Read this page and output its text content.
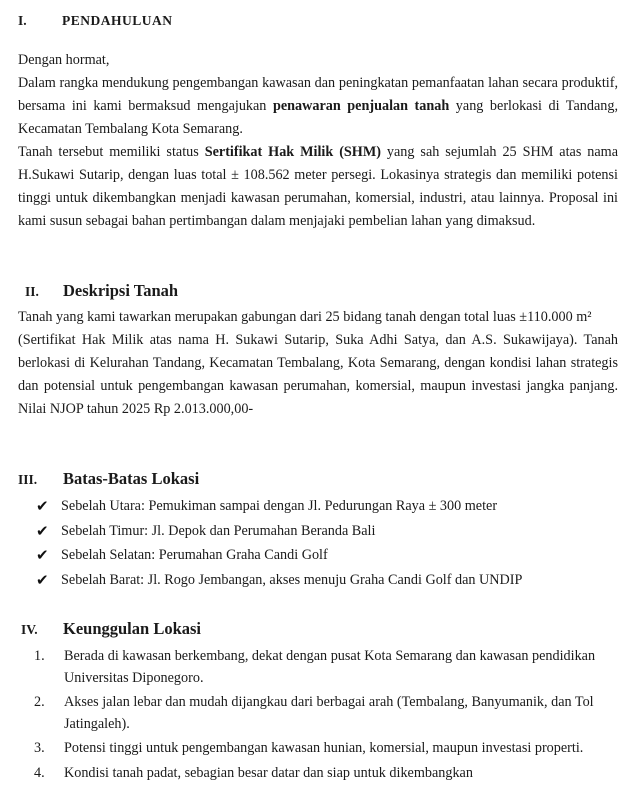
I.	PENDAHULUAN

Dengan hormat,

Dalam rangka mendukung pengembangan kawasan dan peningkatan pemanfaatan lahan secara produktif, bersama ini kami bermaksud mengajukan penawaran penjualan tanah yang berlokasi di Tandang, Kecamatan Tembalang Kota Semarang.

Tanah tersebut memiliki status Sertifikat Hak Milik (SHM) yang sah sejumlah 25 SHM atas nama H.Sukawi Sutarip, dengan luas total ± 108.562 meter persegi. Lokasinya strategis dan memiliki potensi tinggi untuk dikembangkan menjadi kawasan perumahan, komersial, industri, atau lainnya. Proposal ini kami susun sebagai bahan pertimbangan dalam menjajaki pembelian lahan yang dimaksud.

II. Deskripsi Tanah

Tanah yang kami tawarkan merupakan gabungan dari 25 bidang tanah dengan total luas ±110.000 m²

(Sertifikat Hak Milik atas nama H. Sukawi Sutarip, Suka Adhi Satya, dan A.S. Sukawijaya). Tanah berlokasi di Kelurahan Tandang, Kecamatan Tembalang, Kota Semarang, dengan kondisi lahan strategis dan potensial untuk pengembangan kawasan perumahan, komersial, maupun investasi jangka panjang. Nilai NJOP tahun 2025 Rp 2.013.000,00-

III. Batas-Batas Lokasi
✔ Sebelah Utara: Pemukiman sampai dengan Jl. Pedurungan Raya ± 300 meter
✔ Sebelah Timur: Jl. Depok dan Perumahan Beranda Bali
✔ Sebelah Selatan: Perumahan Graha Candi Golf
✔ Sebelah Barat: Jl. Rogo Jembangan, akses menuju Graha Candi Golf dan UNDIP
IV. Keunggulan Lokasi
1.	Berada di kawasan berkembang, dekat dengan pusat Kota Semarang dan kawasan pendidikan Universitas Diponegoro.
2.	Akses jalan lebar dan mudah dijangkau dari berbagai arah (Tembalang, Banyumanik, dan Tol Jatingaleh).
3.	Potensi tinggi untuk pengembangan kawasan hunian, komersial, maupun investasi properti.
4.	Kondisi tanah padat, sebagian besar datar dan siap untuk dikembangkan
